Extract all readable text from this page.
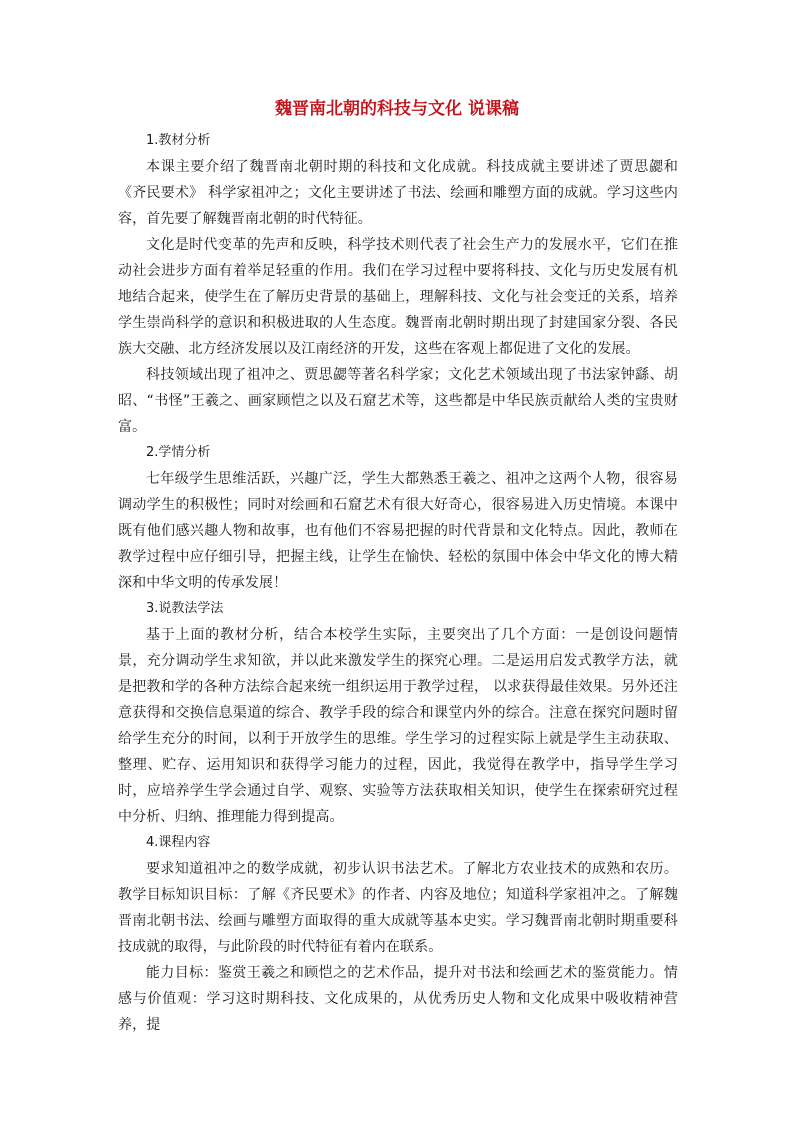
魏晋南北朝的科技与文化 说课稿

1.教材分析

本课主要介绍了魏晋南北朝时期的科技和文化成就。科技成就主要讲述了贾思勰和《齐民要术》 科学家祖冲之；文化主要讲述了书法、绘画和雕塑方面的成就。学习这些内容，首先要了解魏晋南北朝的时代特征。

文化是时代变革的先声和反映，科学技术则代表了社会生产力的发展水平，它们在推动社会进步方面有着举足轻重的作用。我们在学习过程中要将科技、文化与历史发展有机地结合起来，使学生在了解历史背景的基础上，理解科技、文化与社会变迁的关系，培养学生崇尚科学的意识和积极进取的人生态度。魏晋南北朝时期出现了封建国家分裂、各民族大交融、北方经济发展以及江南经济的开发，这些在客观上都促进了文化的发展。

科技领域出现了祖冲之、贾思勰等著名科学家；文化艺术领域出现了书法家钟繇、胡昭、“书怪”王羲之、画家顾恺之以及石窟艺术等，这些都是中华民族贡献给人类的宝贵财富。

2.学情分析

七年级学生思维活跃，兴趣广泛，学生大都熟悉王羲之、祖冲之这两个人物，很容易调动学生的积极性；同时对绘画和石窟艺术有很大好奇心，很容易进入历史情境。本课中既有他们感兴趣人物和故事，也有他们不容易把握的时代背景和文化特点。因此，教师在教学过程中应仔细引导，把握主线，让学生在愉快、轻松的氛围中体会中华文化的博大精深和中华文明的传承发展！

3.说教法学法

基于上面的教材分析，结合本校学生实际，主要突出了几个方面：一是创设问题情 景，充分调动学生求知欲，并以此来激发学生的探究心理。二是运用启发式教学方法，就是把教和学的各种方法综合起来统一组织运用于教学过程， 以求获得最佳效果。另外还注意获得和交换信息渠道的综合、教学手段的综合和课堂内外的综合。注意在探究问题时留给学生充分的时间，以利于开放学生的思维。学生学习的过程实际上就是学生主动获取、整理、贮存、运用知识和获得学习能力的过程，因此，我觉得在教学中，指导学生学习时，应培养学生学会通过自学、观察、实验等方法获取相关知识，使学生在探索研究过程中分析、归纳、推理能力得到提高。

4.课程内容

要求知道祖冲之的数学成就，初步认识书法艺术。了解北方农业技术的成熟和农历。教学目标知识目标：了解《齐民要术》的作者、内容及地位；知道科学家祖冲之。了解魏晋南北朝书法、绘画与雕塑方面取得的重大成就等基本史实。学习魏晋南北朝时期重要科技成就的取得，与此阶段的时代特征有着内在联系。

能力目标：鉴赏王羲之和顾恺之的艺术作品，提升对书法和绘画艺术的鉴赏能力。情感与价值观：学习这时期科技、文化成果的，从优秀历史人物和文化成果中吸收精神营养，提
